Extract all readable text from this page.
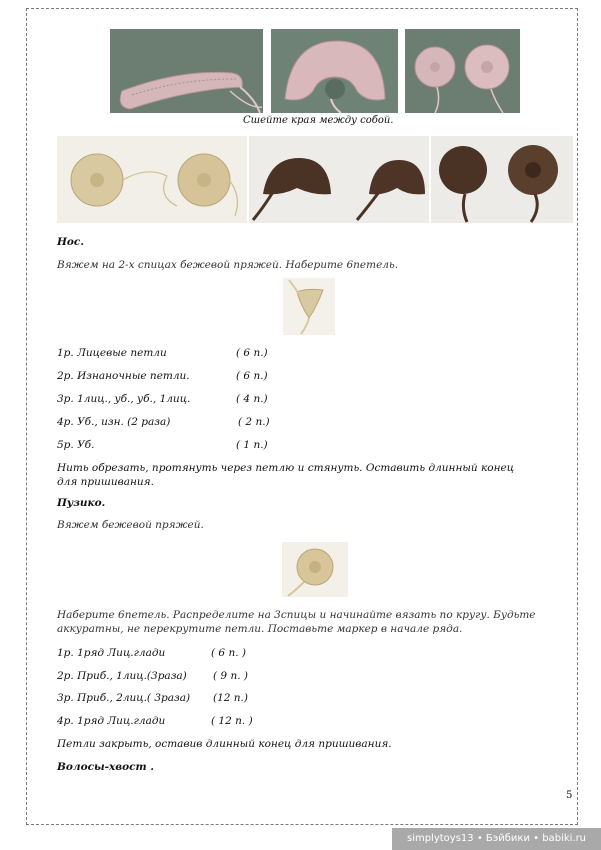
Сшейте края между собой.
Нос.
Вяжем на 2-х спицах бежевой пряжей. Наберите 6петель.
1р. Лицевые петли	( 6 п.)
2р. Изнаночные петли.	( 6 п.)
3р. 1лиц., уб., уб., 1лиц.	( 4 п.)
4р. Уб., изн. (2 раза)	( 2 п.)
5р. Уб.	( 1 п.)
Нить обрезать, протянуть через петлю и стянуть. Оставить длинный конец для пришивания.
Пузико.
Вяжем бежевой пряжей.
Наберите 6петель. Распределите на 3спицы и начинайте вязать по кругу. Будьте аккуратны, не перекрутите петли. Поставьте маркер в начале ряда.
1р. 1ряд Лиц.глади	( 6 п. )
2р. Приб., 1лиц.(3раза) ( 9 п. )
3р. Приб., 2лиц.( 3раза) (12 п.)
4р. 1ряд Лиц.глади	( 12 п. )
Петли закрыть, оставив длинный конец для пришивания.
Волосы-хвост .
5
simplytoys13 • Бэйбики • babiki.ru
